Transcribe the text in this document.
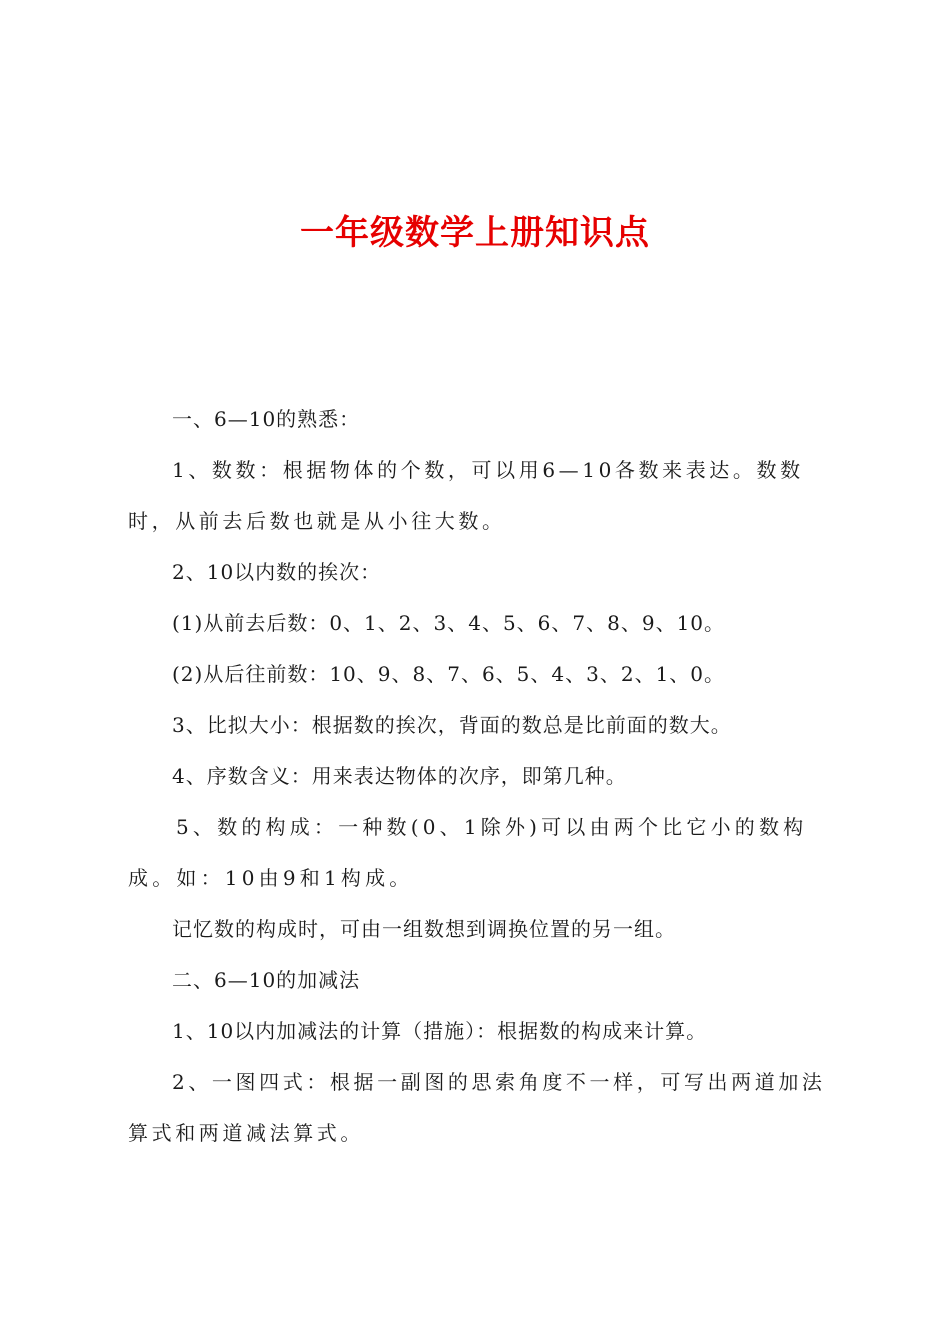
一年级数学上册知识点

一、6—10的熟悉：

1、数数：根据物体的个数，可以用6—10各数来表达。数数时，从前去后数也就是从小往大数。

2、10以内数的挨次：

(1)从前去后数：0、1、2、3、4、5、6、7、8、9、10。

(2)从后往前数：10、9、8、7、6、5、4、3、2、1、0。

3、比拟大小：根据数的挨次，背面的数总是比前面的数大。

4、序数含义：用来表达物体的次序，即第几种。

5、数的构成：一种数(0、1除外)可以由两个比它小的数构成。如：10由9和1构成。

记忆数的构成时，可由一组数想到调换位置的另一组。

二、6—10的加减法

1、10以内加减法的计算（措施）：根据数的构成来计算。

2、一图四式：根据一副图的思索角度不一样，可写出两道加法算式和两道减法算式。
